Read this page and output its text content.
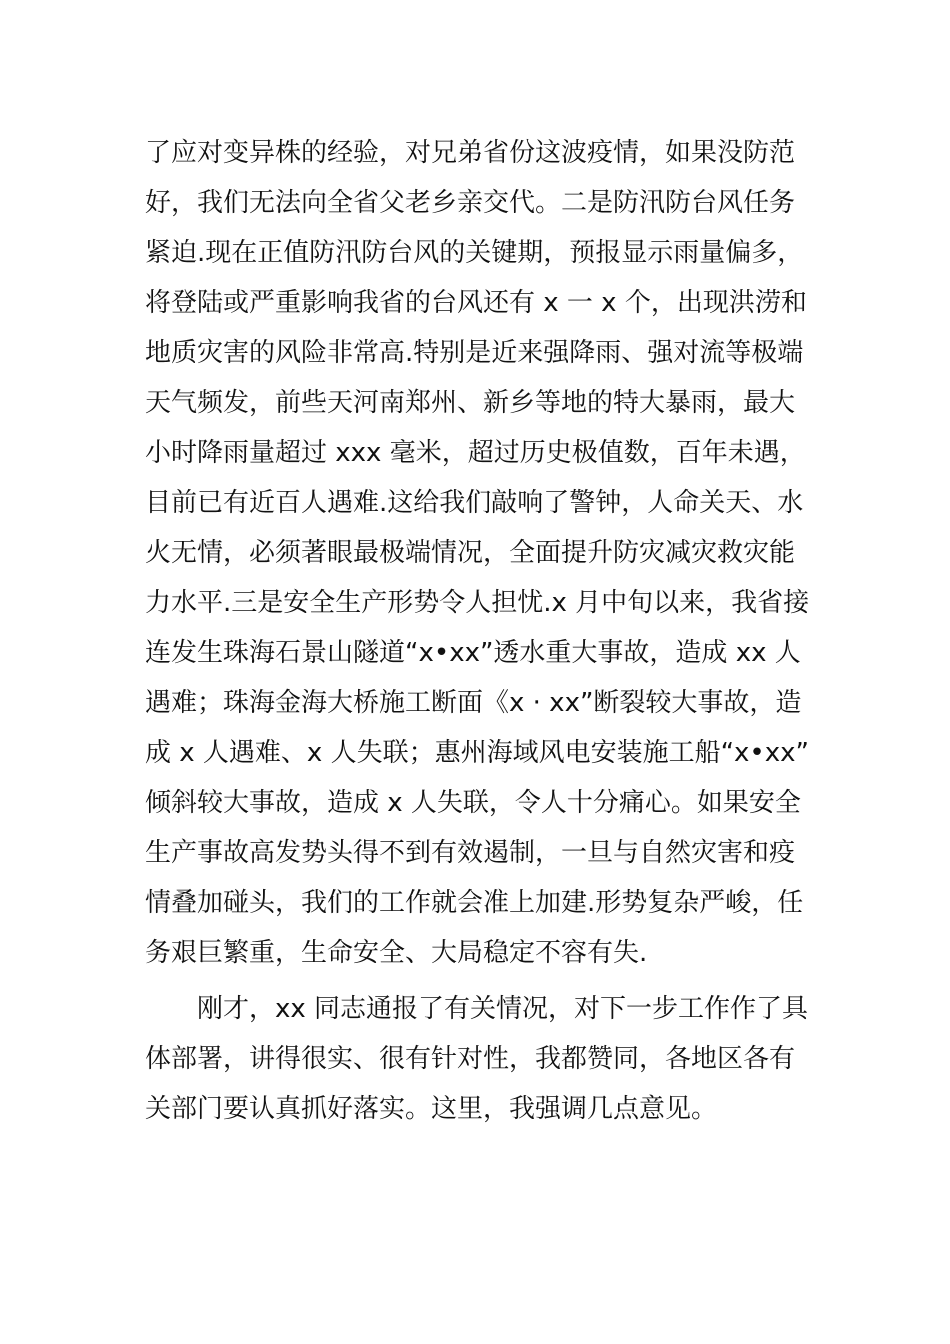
了应对变异株的经验，对兄弟省份这波疫情，如果没防范
好，我们无法向全省父老乡亲交代。二是防汛防台风任务
紧迫.现在正值防汛防台风的关键期，预报显示雨量偏多，
将登陆或严重影响我省的台风还有 x 一 x 个，出现洪涝和
地质灾害的风险非常高.特别是近来强降雨、强对流等极端
天气频发，前些天河南郑州、新乡等地的特大暴雨，最大
小时降雨量超过 xxx 毫米，超过历史极值数，百年未遇，
目前已有近百人遇难.这给我们敲响了警钟，人命关天、水
火无情，必须著眼最极端情况，全面提升防灾减灾救灾能
力水平.三是安全生产形势令人担忧.x 月中旬以来，我省接
连发生珠海石景山隧道“x•xx”透水重大事故，造成 xx 人
遇难；珠海金海大桥施工断面《x · xx”断裂较大事故，造
成 x 人遇难、x 人失联；惠州海域风电安装施工船“x•xx”
倾斜较大事故，造成 x 人失联，令人十分痛心。如果安全
生产事故高发势头得不到有效遏制，一旦与自然灾害和疫
情叠加碰头，我们的工作就会准上加建.形势复杂严峻，任
务艰巨繁重，生命安全、大局稳定不容有失.
刚才，xx 同志通报了有关情况，对下一步工作作了具
体部署，讲得很实、很有针对性，我都赞同，各地区各有
关部门要认真抓好落实。这里，我强调几点意见。
